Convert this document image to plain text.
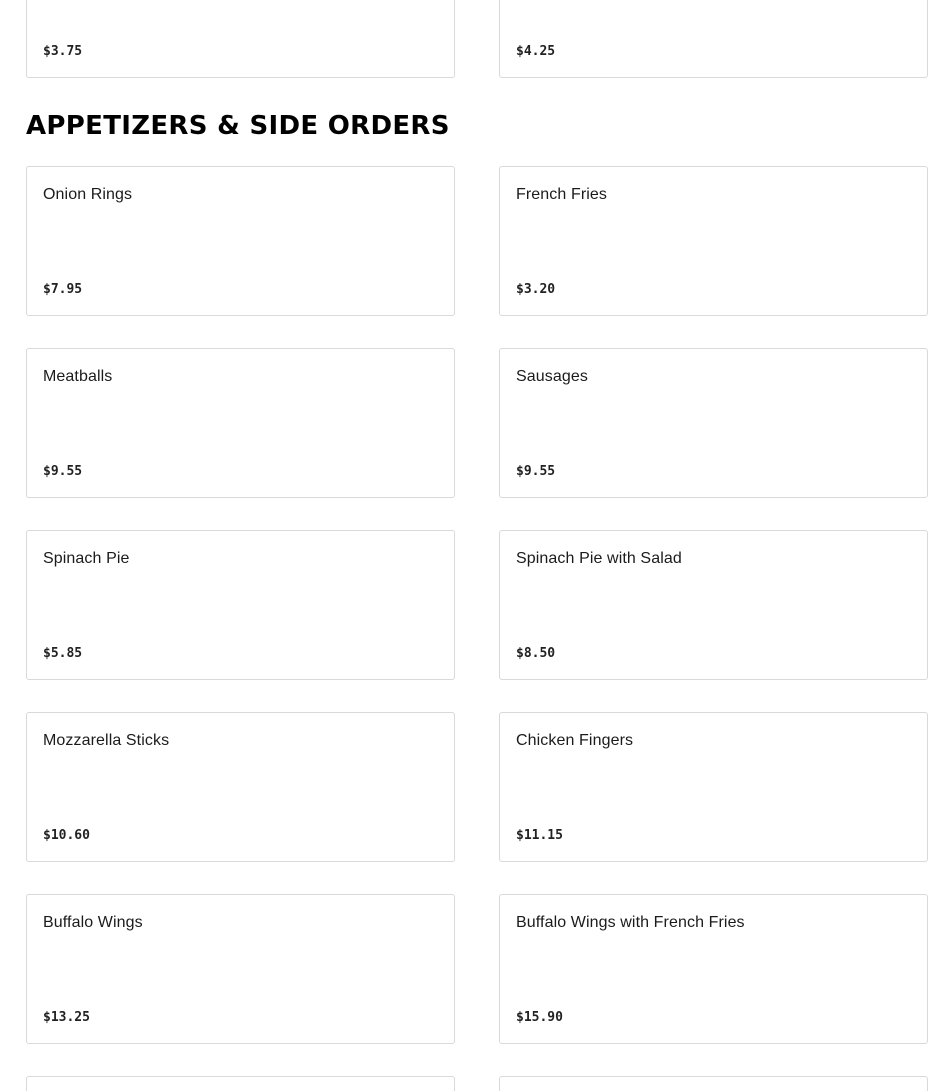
$3.75	$4.25
APPETIZERS & SIDE ORDERS
Onion Rings
$7.95
French Fries
$3.20
Meatballs
$9.55
Sausages
$9.55
Spinach Pie
$5.85
Spinach Pie with Salad
$8.50
Mozzarella Sticks
$10.60
Chicken Fingers
$11.15
Buffalo Wings
$13.25
Buffalo Wings with French Fries
$15.90
